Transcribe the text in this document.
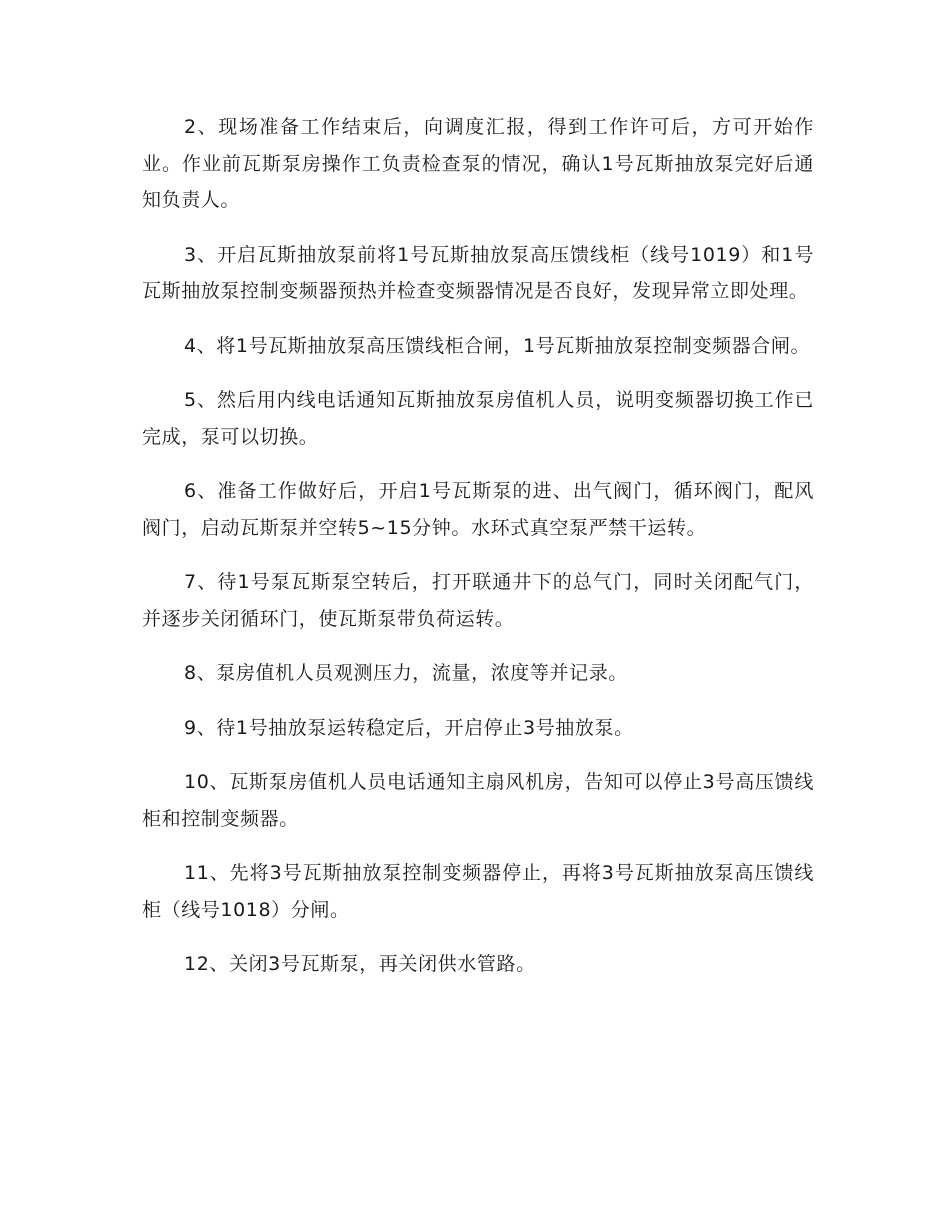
2、现场准备工作结束后，向调度汇报，得到工作许可后，方可开始作业。作业前瓦斯泵房操作工负责检查泵的情况，确认1号瓦斯抽放泵完好后通知负责人。

3、开启瓦斯抽放泵前将1号瓦斯抽放泵高压馈线柜（线号1019）和1号瓦斯抽放泵控制变频器预热并检查变频器情况是否良好，发现异常立即处理。

4、将1号瓦斯抽放泵高压馈线柜合闸，1号瓦斯抽放泵控制变频器合闸。

5、然后用内线电话通知瓦斯抽放泵房值机人员，说明变频器切换工作已完成，泵可以切换。

6、准备工作做好后，开启1号瓦斯泵的进、出气阀门，循环阀门，配风阀门，启动瓦斯泵并空转5~15分钟。水环式真空泵严禁干运转。

7、待1号泵瓦斯泵空转后，打开联通井下的总气门，同时关闭配气门，并逐步关闭循环门，使瓦斯泵带负荷运转。

8、泵房值机人员观测压力，流量，浓度等并记录。

9、待1号抽放泵运转稳定后，开启停止3号抽放泵。

10、瓦斯泵房值机人员电话通知主扇风机房，告知可以停止3号高压馈线柜和控制变频器。

11、先将3号瓦斯抽放泵控制变频器停止，再将3号瓦斯抽放泵高压馈线柜（线号1018）分闸。

12、关闭3号瓦斯泵，再关闭供水管路。
